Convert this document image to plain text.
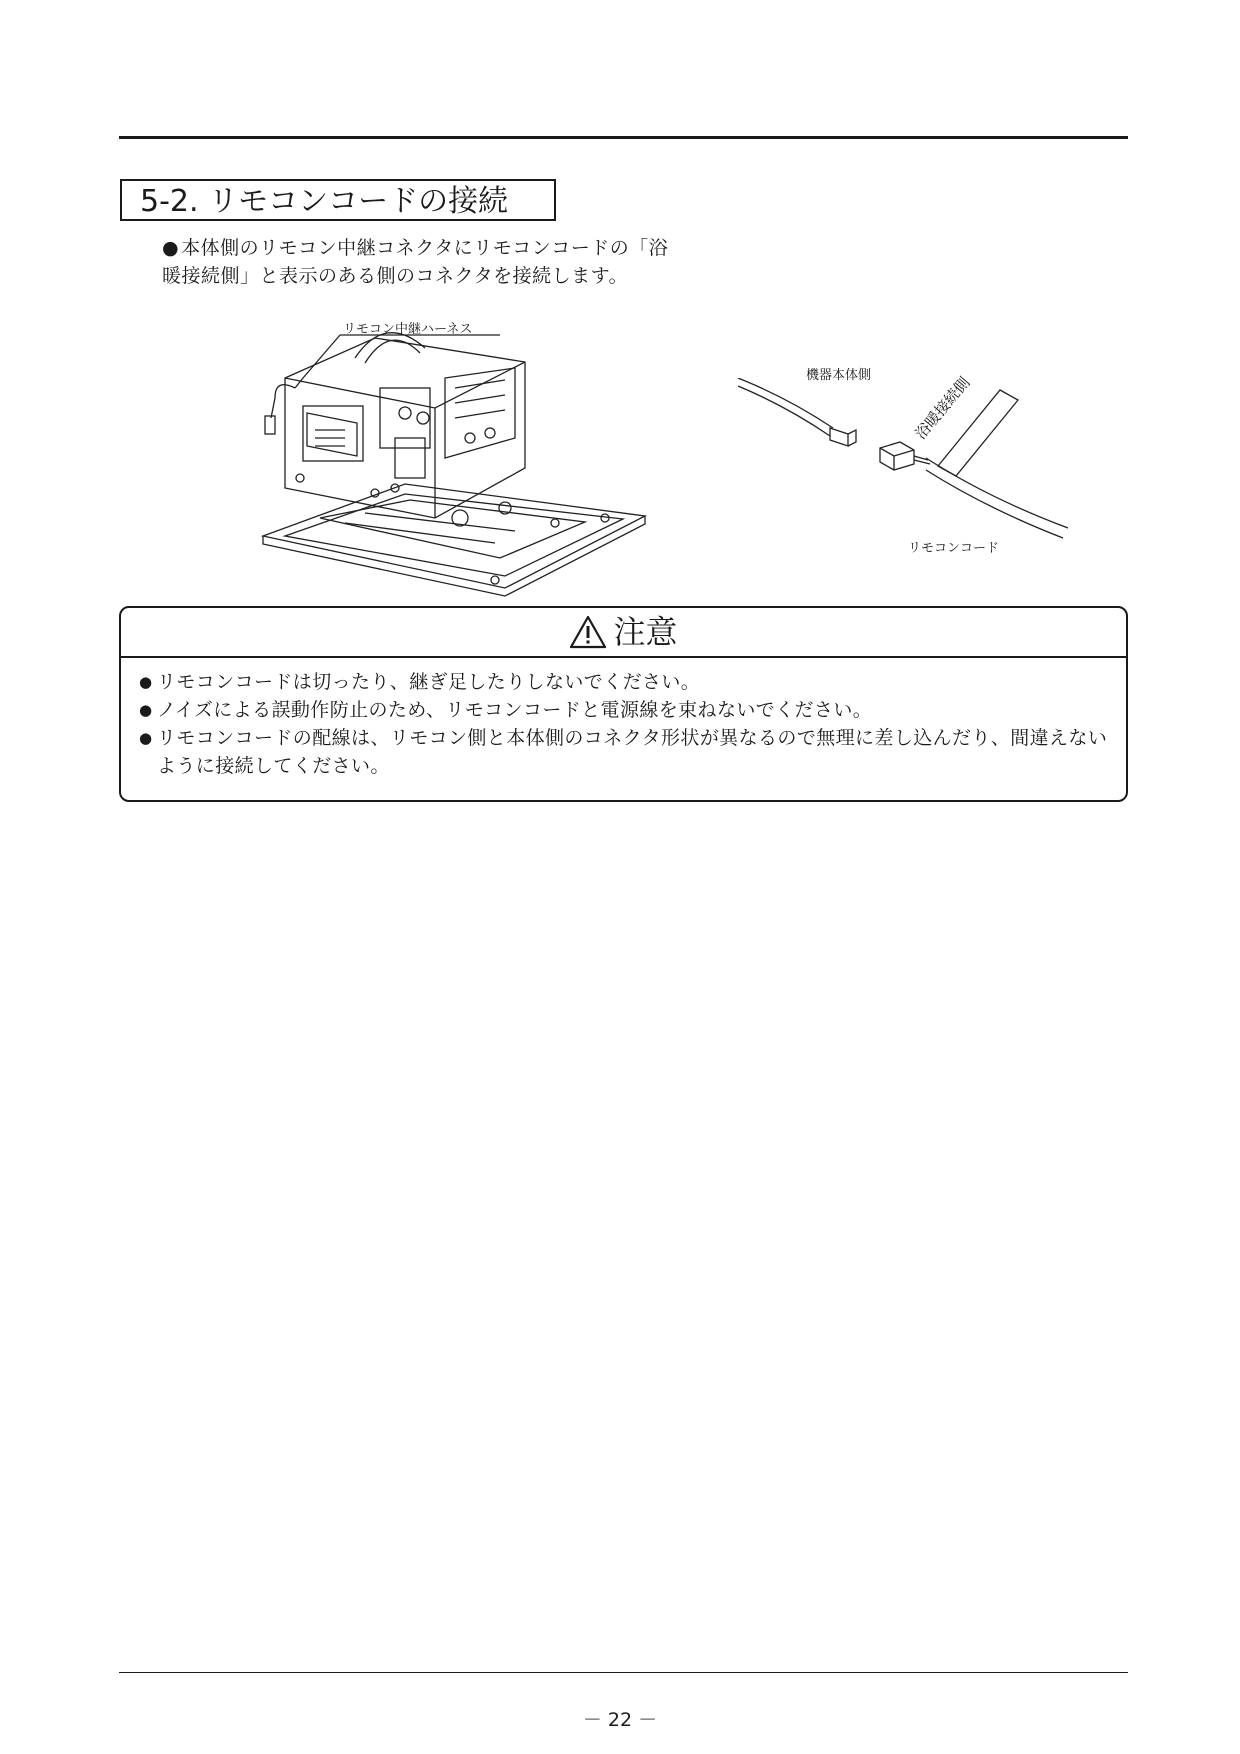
5-2. リモコンコードの接続
● 本体側のリモコン中継コネクタにリモコンコードの「浴暖接続側」と表示のある側のコネクタを接続します。
リモコン中継ハーネス
機器本体側	浴暖接続側
リモコンコード
注意
● リモコンコードは切ったり、継ぎ足したりしないでください。
● ノイズによる誤動作防止のため、リモコンコードと電源線を束ねないでください。
● リモコンコードの配線は、リモコン側と本体側のコネクタ形状が異なるので無理に差し込んだり、間違えないように接続してください。
－ 22 －
